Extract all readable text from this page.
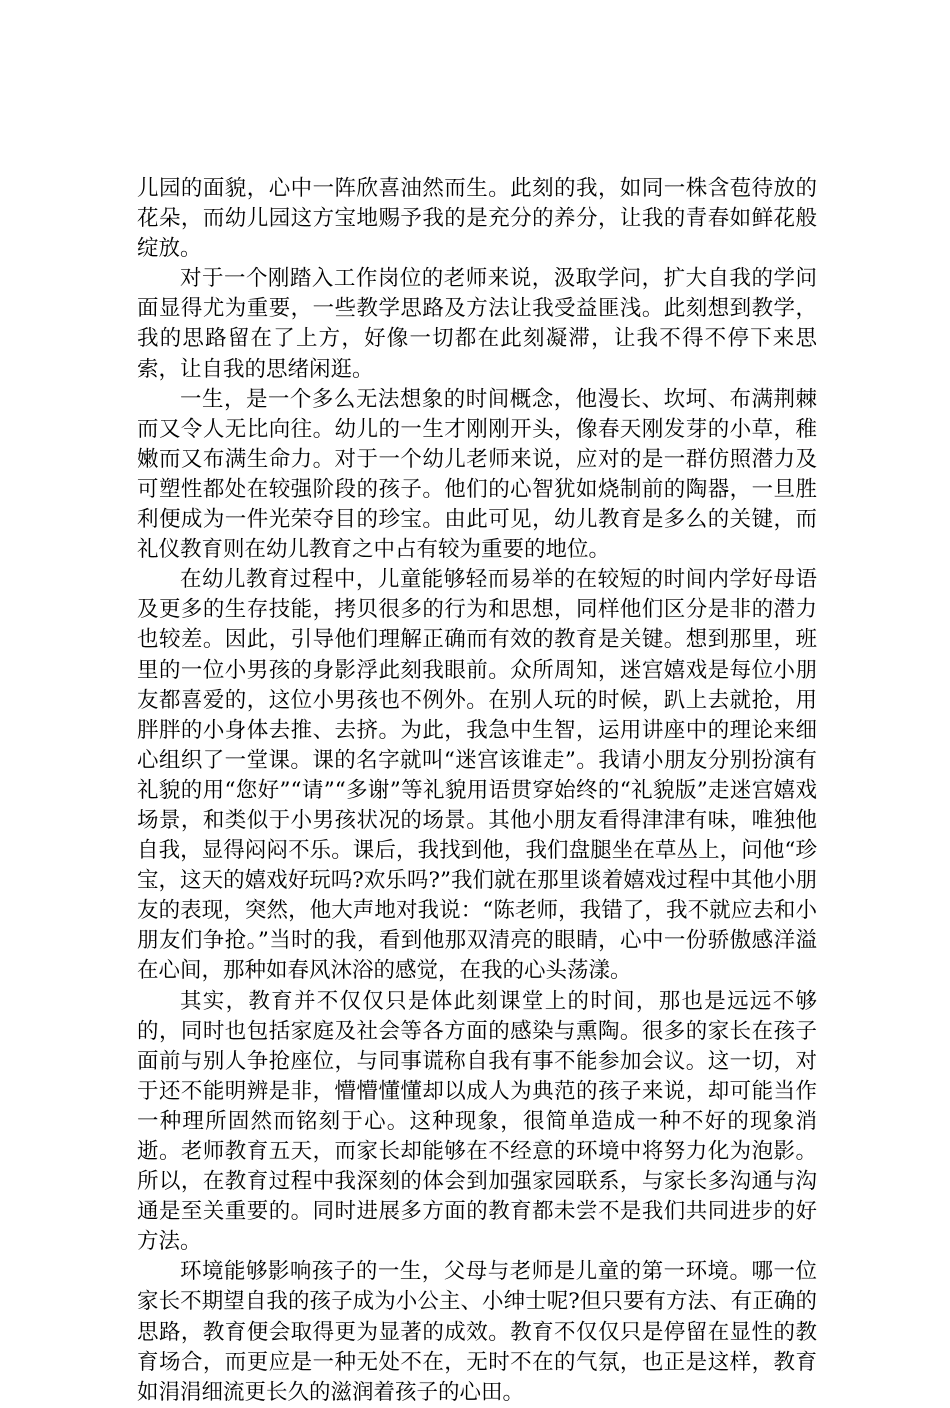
儿园的面貌，心中一阵欣喜油然而生。此刻的我，如同一株含苞待放的花朵，而幼儿园这方宝地赐予我的是充分的养分，让我的青春如鲜花般绽放。

对于一个刚踏入工作岗位的老师来说，汲取学问，扩大自我的学问面显得尤为重要，一些教学思路及方法让我受益匪浅。此刻想到教学，我的思路留在了上方，好像一切都在此刻凝滞，让我不得不停下来思索，让自我的思绪闲逛。

一生，是一个多么无法想象的时间概念，他漫长、坎坷、布满荆棘而又令人无比向往。幼儿的一生才刚刚开头，像春天刚发芽的小草，稚嫩而又布满生命力。对于一个幼儿老师来说，应对的是一群仿照潜力及可塑性都处在较强阶段的孩子。他们的心智犹如烧制前的陶器，一旦胜利便成为一件光荣夺目的珍宝。由此可见，幼儿教育是多么的关键，而礼仪教育则在幼儿教育之中占有较为重要的地位。

在幼儿教育过程中，儿童能够轻而易举的在较短的时间内学好母语及更多的生存技能，拷贝很多的行为和思想，同样他们区分是非的潜力也较差。因此，引导他们理解正确而有效的教育是关键。想到那里，班里的一位小男孩的身影浮此刻我眼前。众所周知，迷宫嬉戏是每位小朋友都喜爱的，这位小男孩也不例外。在别人玩的时候，趴上去就抢，用胖胖的小身体去推、去挤。为此，我急中生智，运用讲座中的理论来细心组织了一堂课。课的名字就叫“迷宫该谁走”。我请小朋友分别扮演有礼貌的用“您好”“请”“多谢”等礼貌用语贯穿始终的“礼貌版”走迷宫嬉戏场景，和类似于小男孩状况的场景。其他小朋友看得津津有味，唯独他自我，显得闷闷不乐。课后，我找到他，我们盘腿坐在草丛上，问他“珍宝，这天的嬉戏好玩吗?欢乐吗?”我们就在那里谈着嬉戏过程中其他小朋友的表现，突然，他大声地对我说：“陈老师，我错了，我不就应去和小朋友们争抢。”当时的我，看到他那双清亮的眼睛，心中一份骄傲感洋溢在心间，那种如春风沐浴的感觉，在我的心头荡漾。

其实，教育并不仅仅只是体此刻课堂上的时间，那也是远远不够的，同时也包括家庭及社会等各方面的感染与熏陶。很多的家长在孩子面前与别人争抢座位，与同事谎称自我有事不能参加会议。这一切，对于还不能明辨是非，懵懵懂懂却以成人为典范的孩子来说，却可能当作一种理所固然而铭刻于心。这种现象，很简单造成一种不好的现象消逝。老师教育五天，而家长却能够在不经意的环境中将努力化为泡影。所以，在教育过程中我深刻的体会到加强家园联系，与家长多沟通与沟通是至关重要的。同时进展多方面的教育都未尝不是我们共同进步的好方法。

环境能够影响孩子的一生，父母与老师是儿童的第一环境。哪一位家长不期望自我的孩子成为小公主、小绅士呢?但只要有方法、有正确的思路，教育便会取得更为显著的成效。教育不仅仅只是停留在显性的教育场合，而更应是一种无处不在，无时不在的气氛，也正是这样，教育如涓涓细流更长久的滋润着孩子的心田。
